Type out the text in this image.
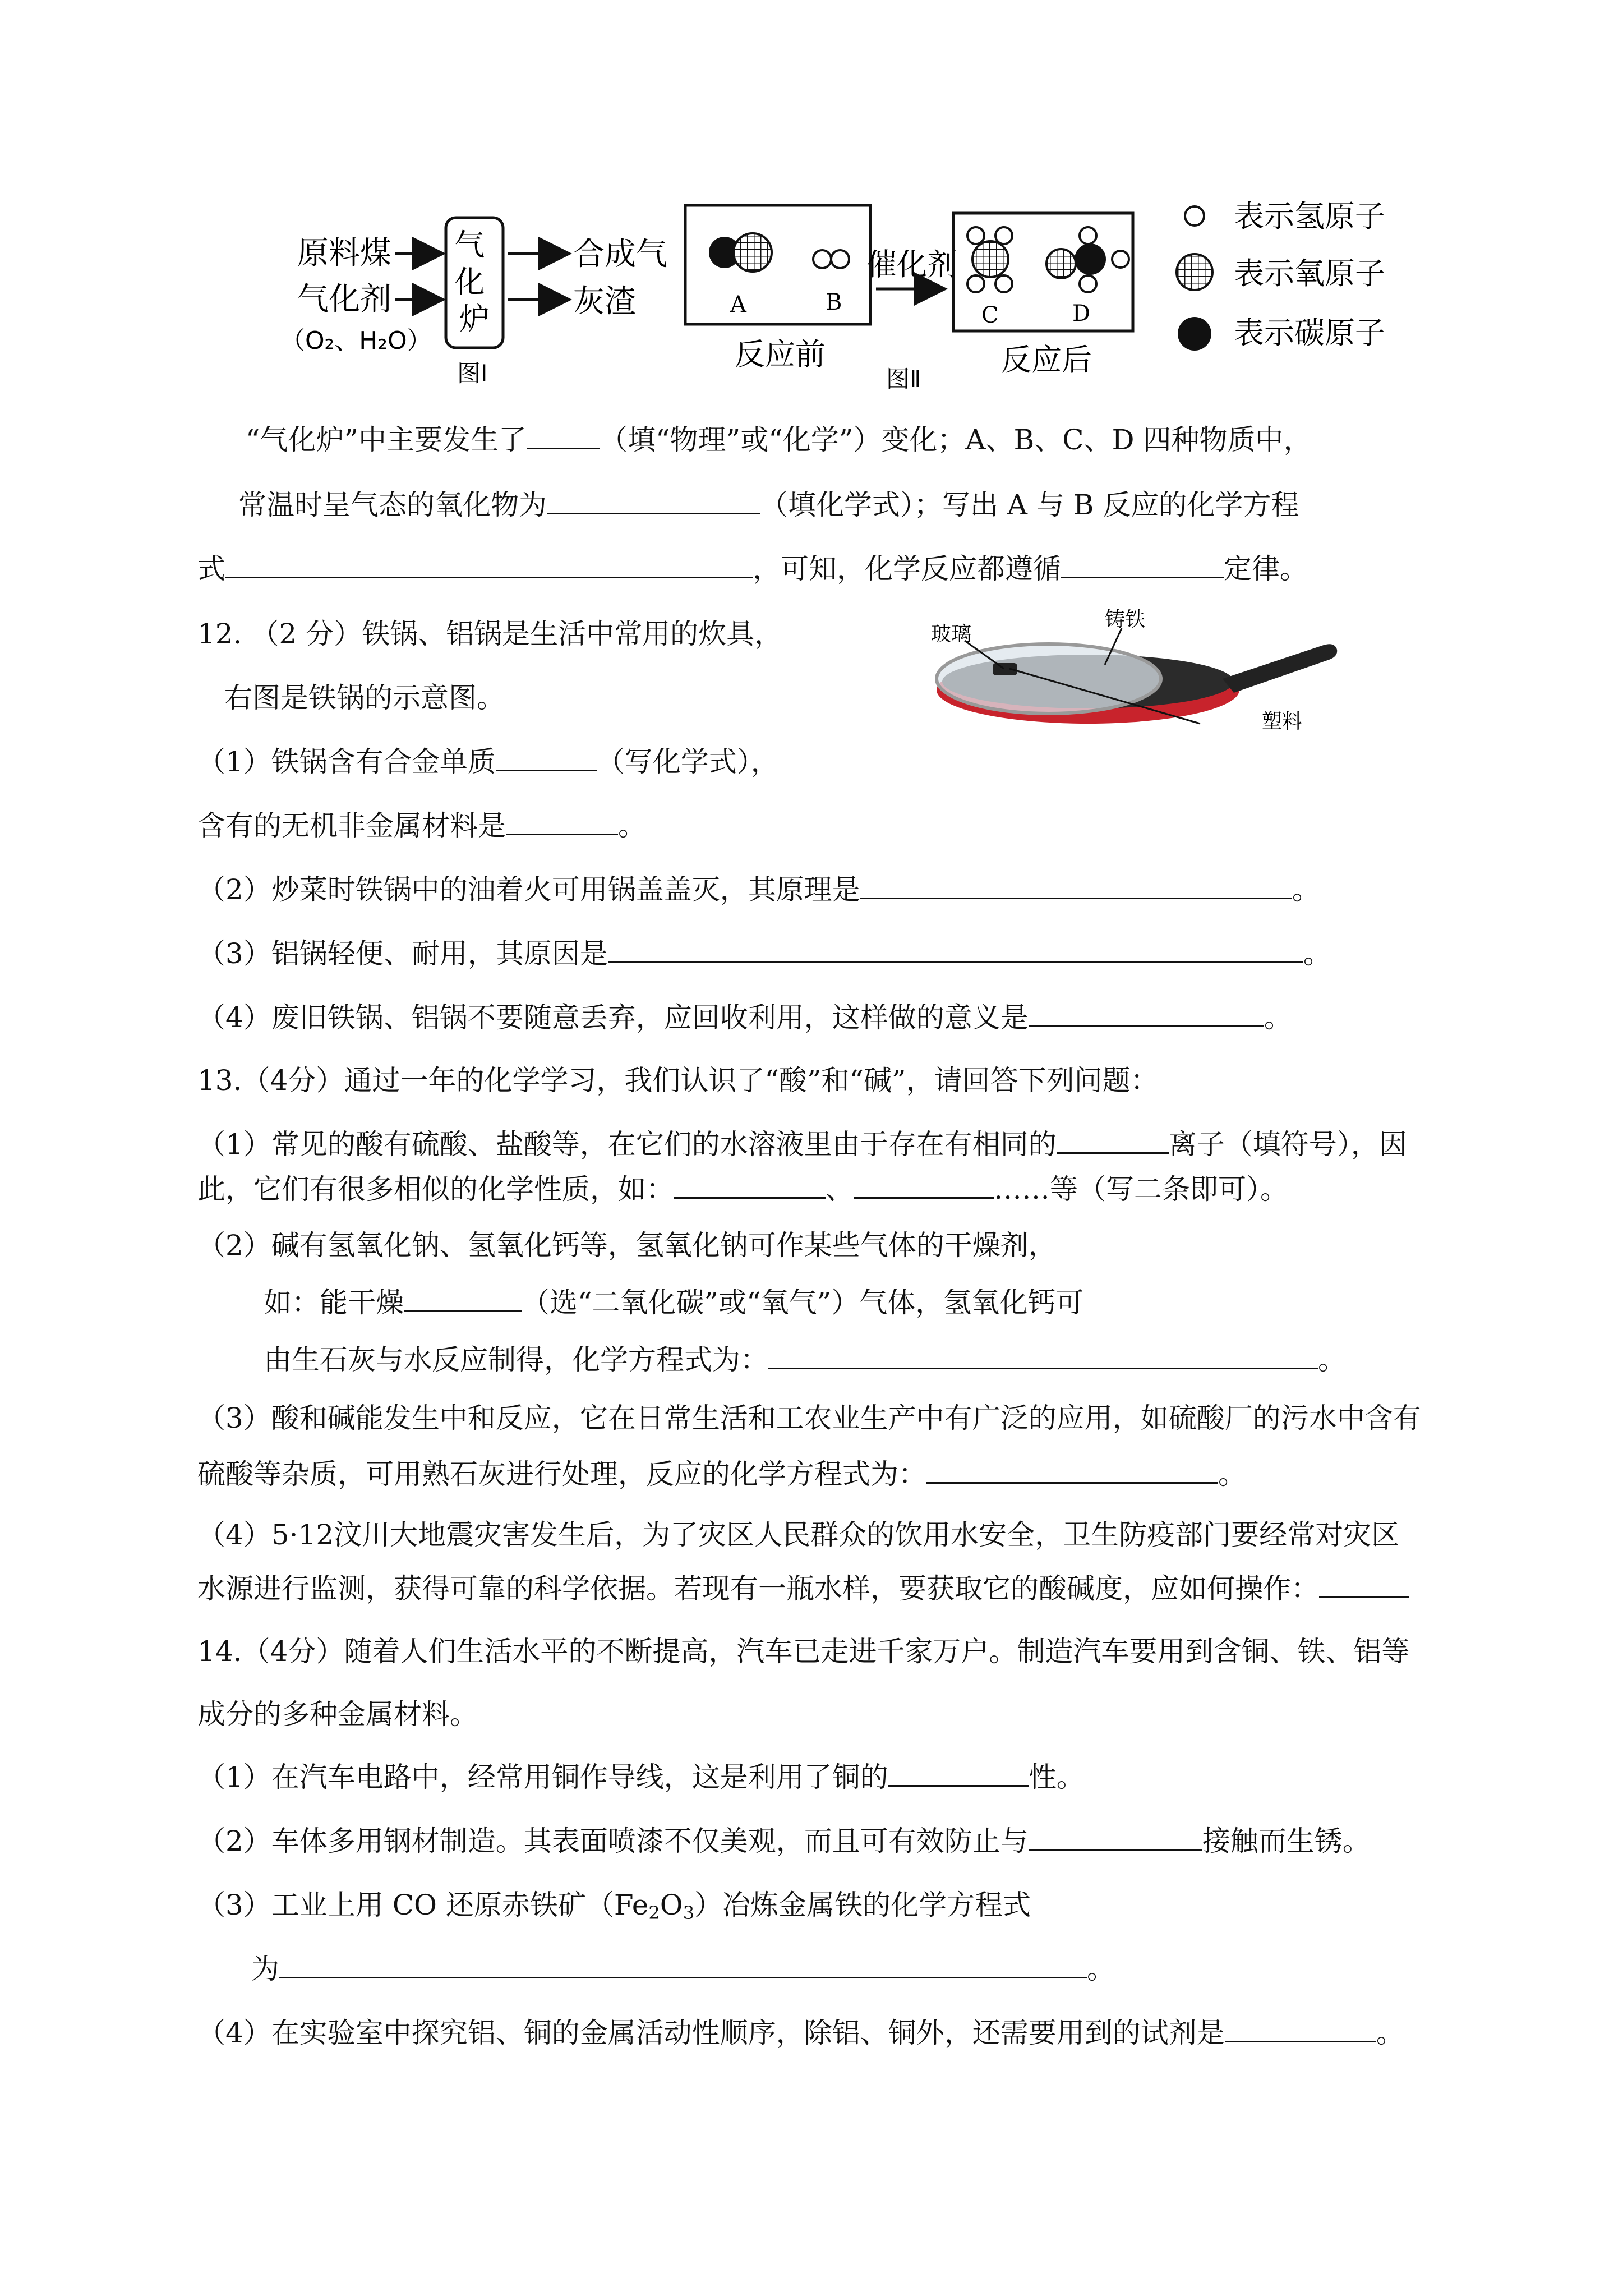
原料煤
气化剂
（O₂、H₂O）
气 化 炉
合成气
灰渣
图Ⅰ
A	B
反应前
催化剂
C	D
反应后
图Ⅱ
表示氢原子
表示氧原子
表示碳原子
“气化炉”中主要发生了	（填“物理”或“化学”）变化；A、B、C、D 四种物质中，
常温时呈气态的氧化物为	（填化学式）；写出 A 与 B 反应的化学方程
式	，可知，化学反应都遵循	定律。
12. （2 分）铁锅、铝锅是生活中常用的炊具，
右图是铁锅的示意图。
玻璃
铸铁
塑料
（1）铁锅含有合金单质	（写化学式），
含有的无机非金属材料是	。
（2）炒菜时铁锅中的油着火可用锅盖盖灭，其原理是	。
（3）铝锅轻便、耐用，其原因是	。
（4）废旧铁锅、铝锅不要随意丢弃，应回收利用，这样做的意义是	。
13.（4分）通过一年的化学学习，我们认识了“酸”和“碱”，请回答下列问题：
（1）常见的酸有硫酸、盐酸等，在它们的水溶液里由于存在有相同的	离子（填符号），因
此，它们有很多相似的化学性质，如：	、	……等（写二条即可）。
（2）碱有氢氧化钠、氢氧化钙等，氢氧化钠可作某些气体的干燥剂，
如：能干燥	（选“二氧化碳”或“氧气”）气体，氢氧化钙可
由生石灰与水反应制得，化学方程式为：	。
（3）酸和碱能发生中和反应，它在日常生活和工农业生产中有广泛的应用，如硫酸厂的污水中含有
硫酸等杂质，可用熟石灰进行处理，反应的化学方程式为：	。
（4）5·12汶川大地震灾害发生后，为了灾区人民群众的饮用水安全，卫生防疫部门要经常对灾区
水源进行监测，获得可靠的科学依据。若现有一瓶水样，要获取它的酸碱度，应如何操作：
14.（4分）随着人们生活水平的不断提高，汽车已走进千家万户。制造汽车要用到含铜、铁、铝等
成分的多种金属材料。
（1）在汽车电路中，经常用铜作导线，这是利用了铜的	性。
（2）车体多用钢材制造。其表面喷漆不仅美观，而且可有效防止与	接触而生锈。
（3）工业上用 CO 还原赤铁矿$(Fe_2O_3)$冶炼金属铁的化学方程式
为	。
（4）在实验室中探究铝、铜的金属活动性顺序，除铝、铜外，还需要用到的试剂是	。
